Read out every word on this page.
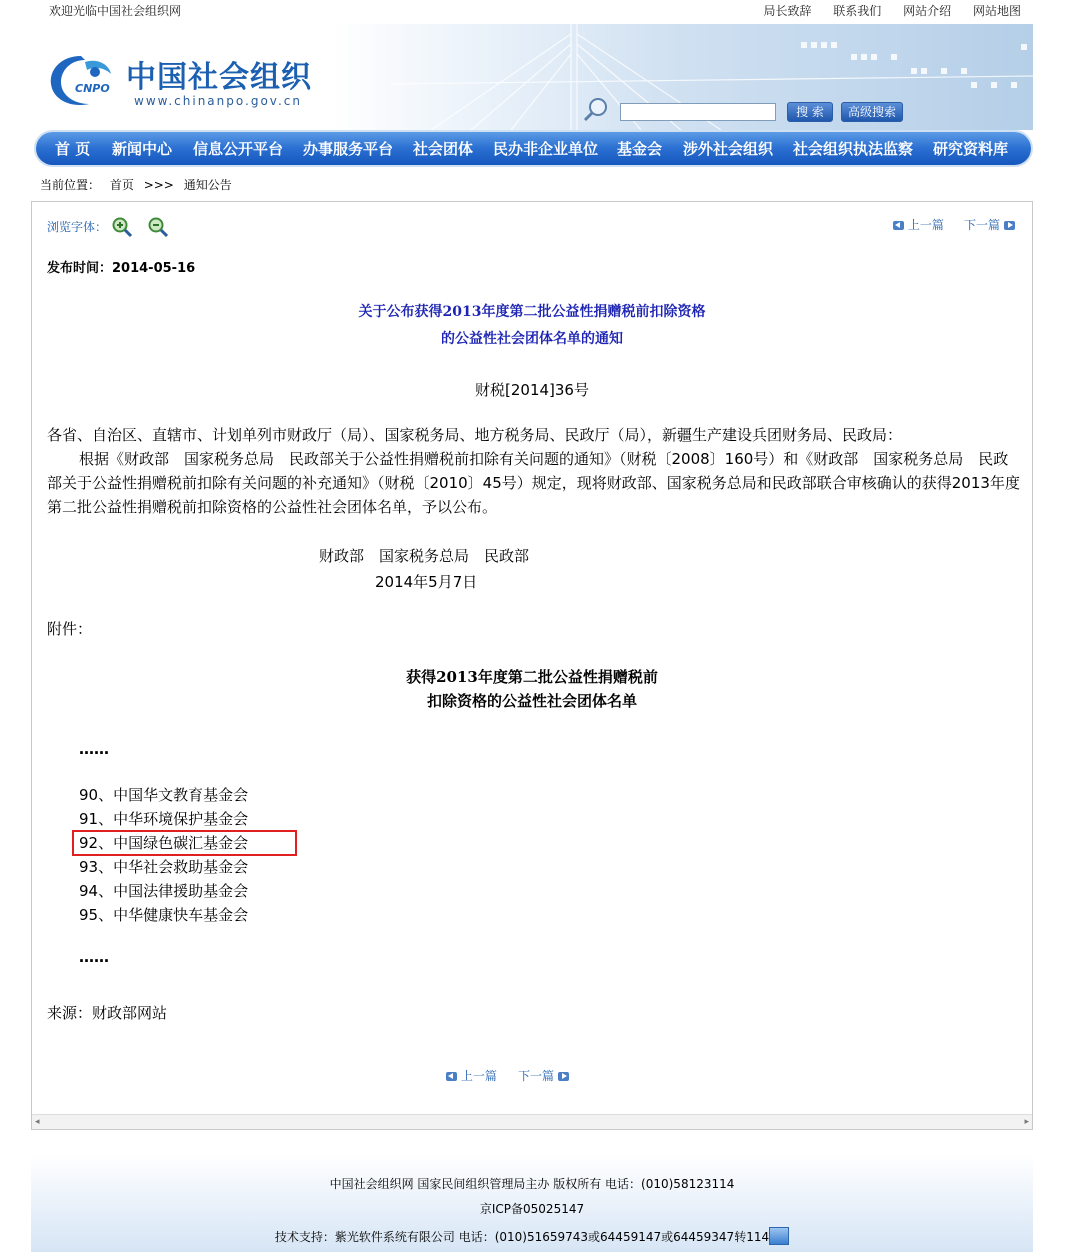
欢迎光临中国社会组织网	局长致辞 联系我们 网站介绍 网站地图
CNPO 中国社会组织
www.chinanpo.gov.cn
搜 索	高级搜索
首 页 新闻中心 信息公开平台 办事服务平台 社会团体 民办非企业单位 基金会 涉外社会组织 社会组织执法监察 研究资料库
当前位置： 首页 >>> 通知公告
浏览字体：	上一篇 下一篇
发布时间：2014-05-16
关于公布获得2013年度第二批公益性捐赠税前扣除资格
的公益性社会团体名单的通知
财税[2014]36号
各省、自治区、直辖市、计划单列市财政厅（局）、国家税务局、地方税务局、民政厅（局），新疆生产建设兵团财务局、民政局：
根据《财政部　国家税务总局　民政部关于公益性捐赠税前扣除有关问题的通知》（财税〔2008〕160号）和《财政部　国家税务总局　民政部关于公益性捐赠税前扣除有关问题的补充通知》（财税〔2010〕45号）规定，现将财政部、国家税务总局和民政部联合审核确认的获得2013年度第二批公益性捐赠税前扣除资格的公益性社会团体名单，予以公布。
财政部　国家税务总局　民政部
2014年5月7日
附件：
获得2013年度第二批公益性捐赠税前
扣除资格的公益性社会团体名单
……
90、中国华文教育基金会
91、中华环境保护基金会
92、中国绿色碳汇基金会
93、中华社会救助基金会
94、中国法律援助基金会
95、中华健康快车基金会
……
来源：财政部网站
上一篇 下一篇
◂	▸
中国社会组织网 国家民间组织管理局主办 版权所有 电话：(010)58123114
京ICP备05025147
技术支持：紫光软件系统有限公司 电话：(010)51659743或64459147或64459347转114
